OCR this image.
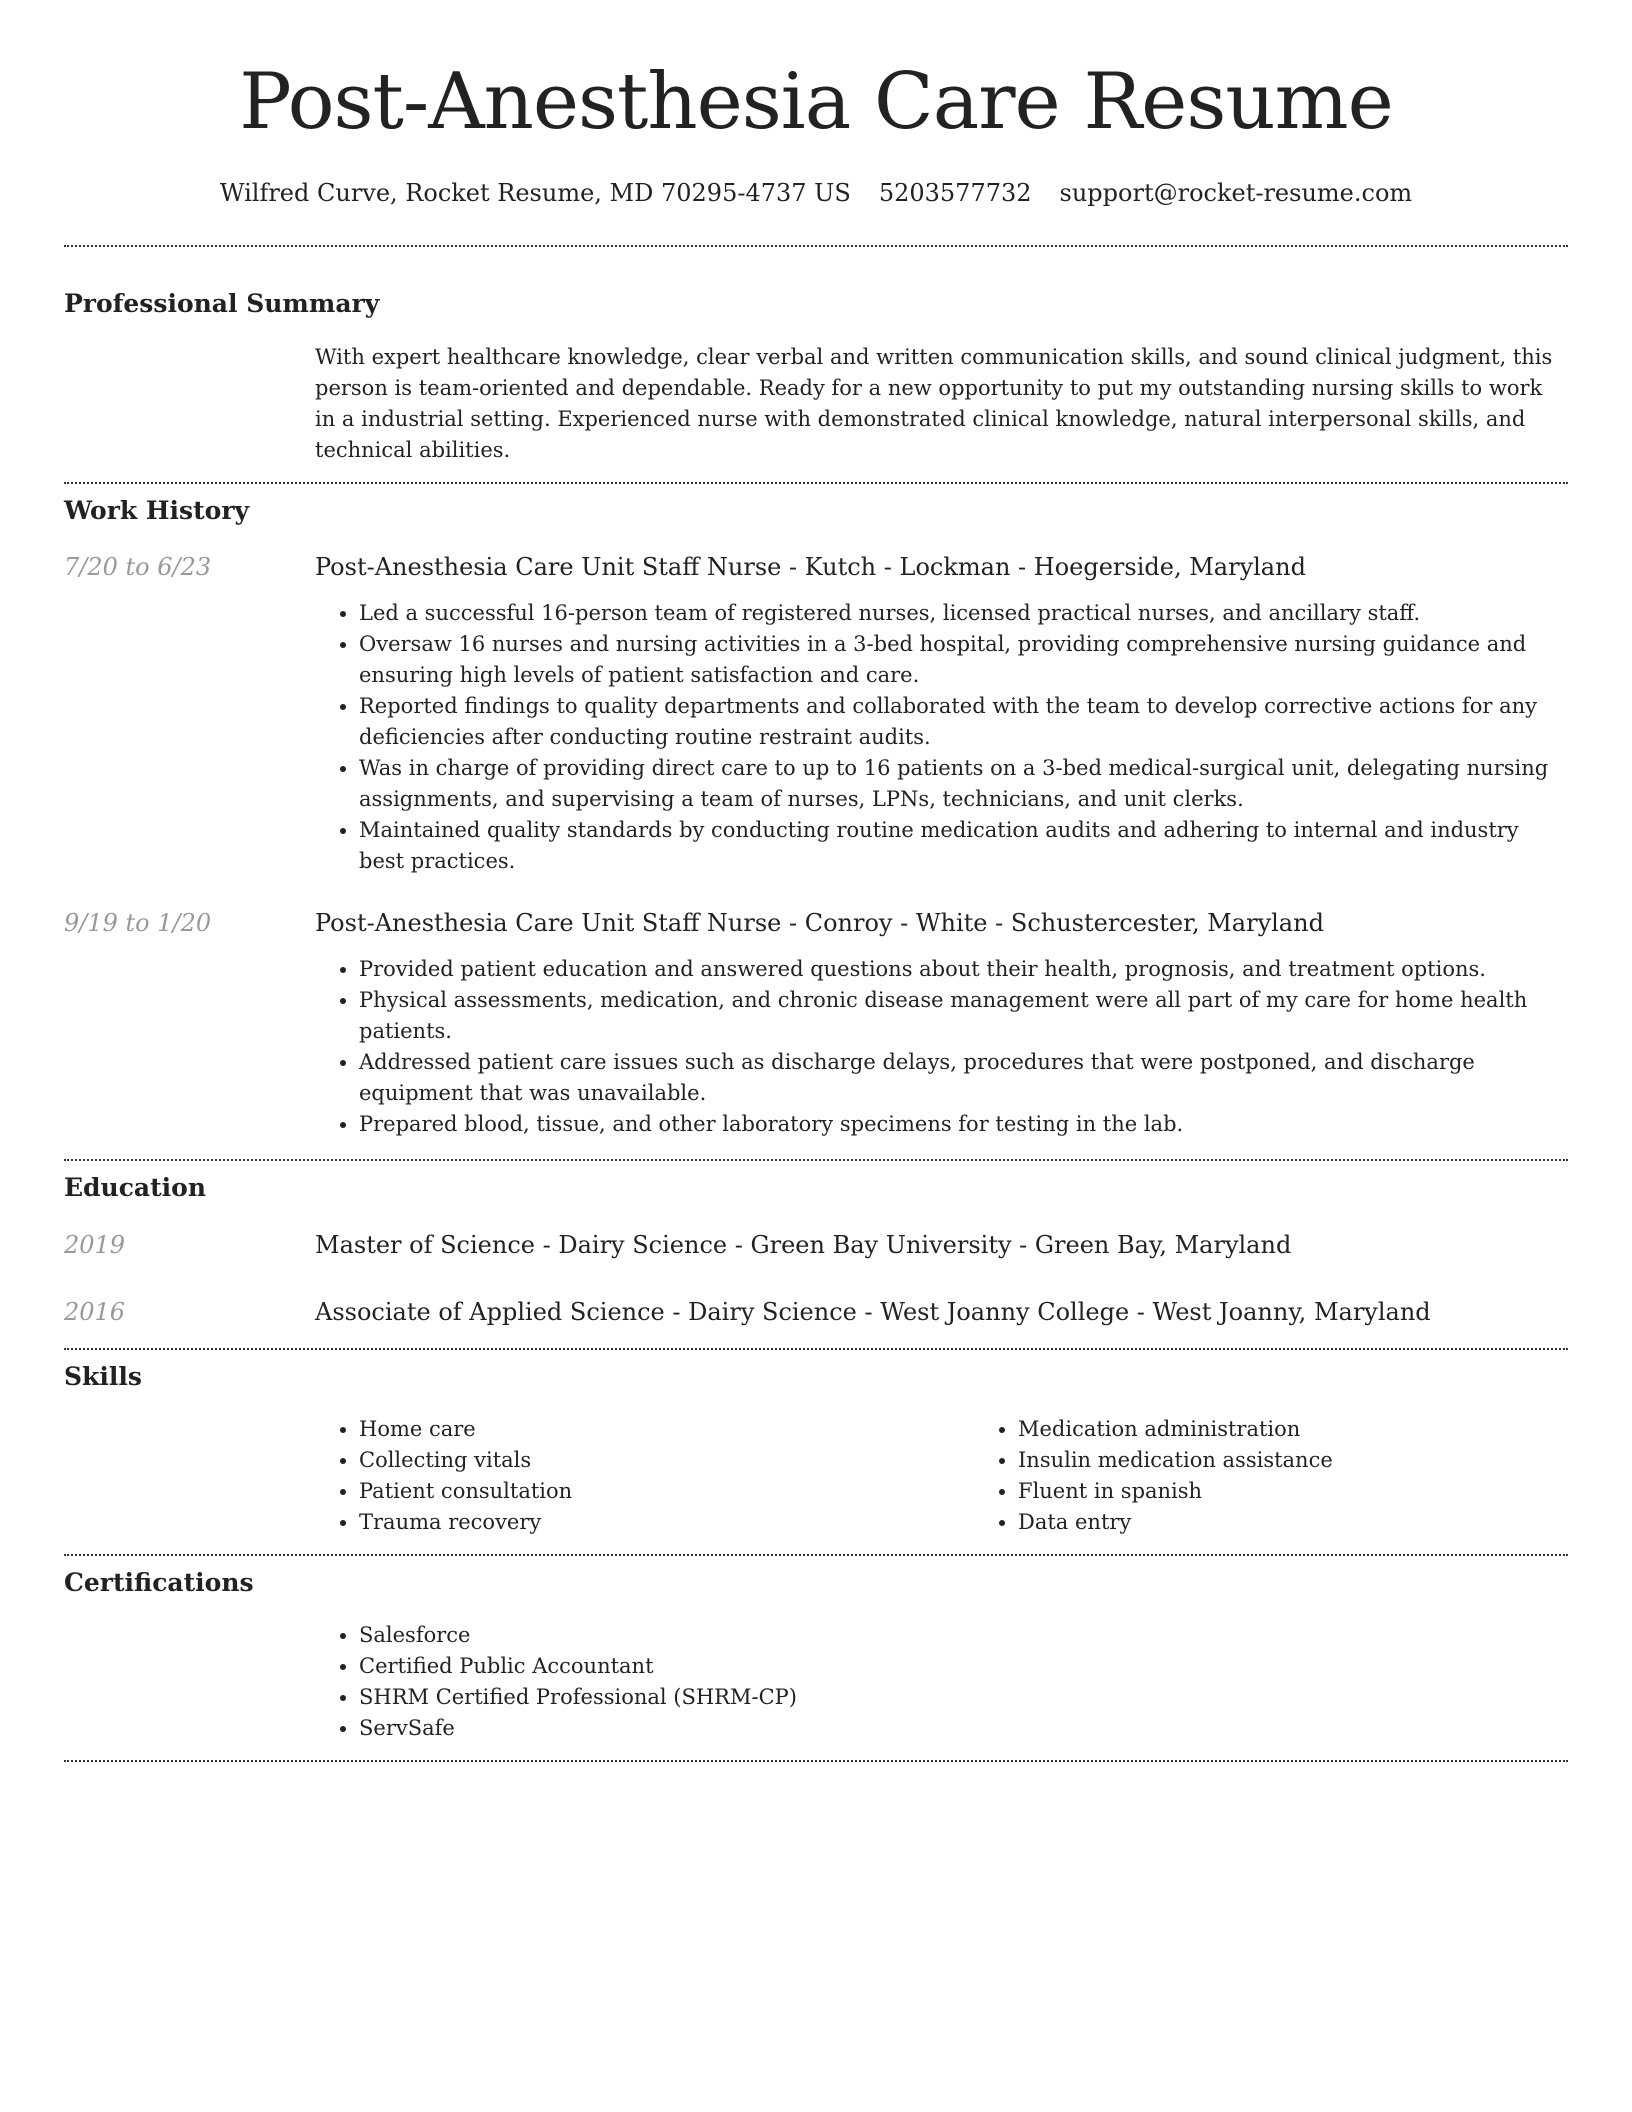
Post-Anesthesia Care Resume
Wilfred Curve, Rocket Resume, MD 70295-4737 US 5203577732 support@rocket-resume.com
Professional Summary
With expert healthcare knowledge, clear verbal and written communication skills, and sound clinical judgment, this person is team-oriented and dependable. Ready for a new opportunity to put my outstanding nursing skills to work in a industrial setting. Experienced nurse with demonstrated clinical knowledge, natural interpersonal skills, and technical abilities.
Work History
7/20 to 6/23	Post-Anesthesia Care Unit Staff Nurse - Kutch - Lockman - Hoegerside, Maryland
• Led a successful 16-person team of registered nurses, licensed practical nurses, and ancillary staff.
• Oversaw 16 nurses and nursing activities in a 3-bed hospital, providing comprehensive nursing guidance and ensuring high levels of patient satisfaction and care.
• Reported findings to quality departments and collaborated with the team to develop corrective actions for any deficiencies after conducting routine restraint audits.
• Was in charge of providing direct care to up to 16 patients on a 3-bed medical-surgical unit, delegating nursing assignments, and supervising a team of nurses, LPNs, technicians, and unit clerks.
• Maintained quality standards by conducting routine medication audits and adhering to internal and industry best practices.
9/19 to 1/20	Post-Anesthesia Care Unit Staff Nurse - Conroy - White - Schustercester, Maryland
• Provided patient education and answered questions about their health, prognosis, and treatment options.
• Physical assessments, medication, and chronic disease management were all part of my care for home health patients.
• Addressed patient care issues such as discharge delays, procedures that were postponed, and discharge equipment that was unavailable.
• Prepared blood, tissue, and other laboratory specimens for testing in the lab.
Education
2019	Master of Science - Dairy Science - Green Bay University - Green Bay, Maryland
2016	Associate of Applied Science - Dairy Science - West Joanny College - West Joanny, Maryland
Skills
• Home care
• Collecting vitals
• Patient consultation
• Trauma recovery
• Medication administration
• Insulin medication assistance
• Fluent in spanish
• Data entry
Certifications
• Salesforce
• Certified Public Accountant
• SHRM Certified Professional (SHRM-CP)
• ServSafe
